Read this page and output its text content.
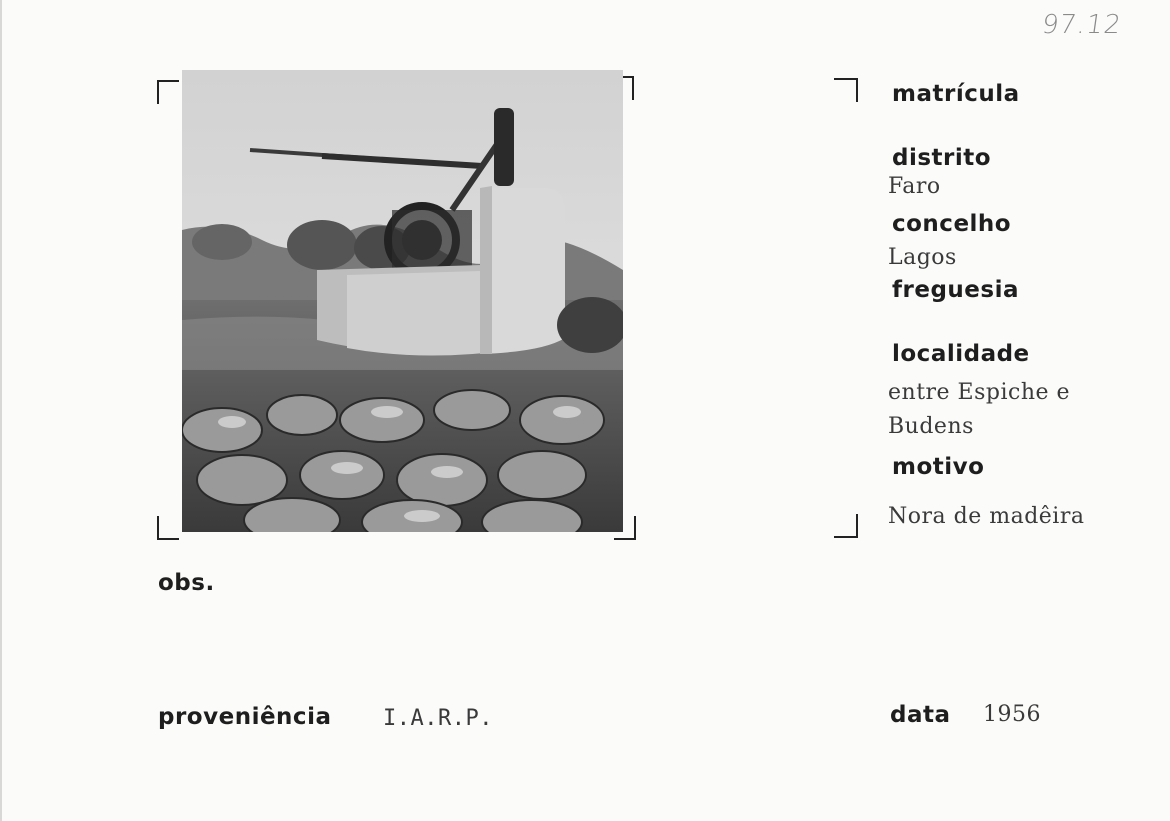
97.12
matrícula
distrito
Faro
concelho
Lagos
freguesia
localidade
entre Espiche e
Budens
motivo
Nora de madêira
obs.
proveniência I.A.R.P.	data 1956
